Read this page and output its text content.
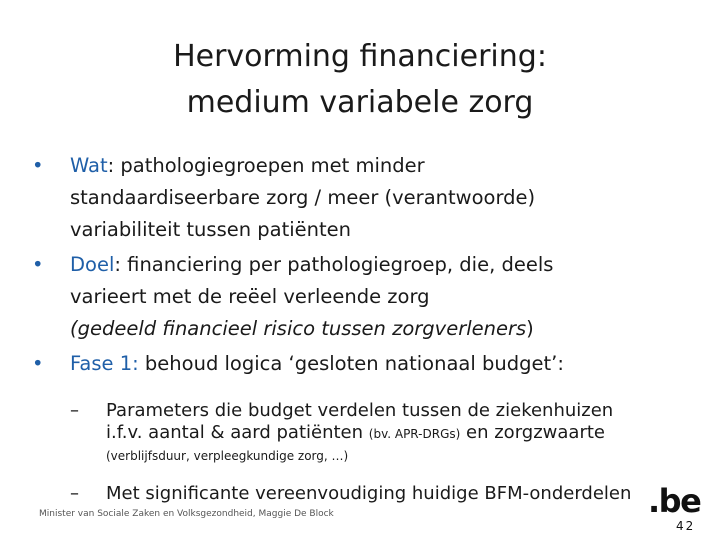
Hervorming financiering:
medium variabele zorg
• Wat: pathologiegroepen met minder
standaardiseerbare zorg / meer (verantwoorde)
variabiliteit tussen patiënten
• Doel: financiering per pathologiegroep, die, deels
varieert met de reëel verleende zorg
(gedeeld financieel risico tussen zorgverleners)
• Fase 1: behoud logica ‘gesloten nationaal budget’:
– Parameters die budget verdelen tussen de ziekenhuizen
i.f.v. aantal & aard patiënten (bv. APR-DRGs) en zorgzwaarte
(verblijfsduur, verpleegkundige zorg, …)
– Met significante vereenvoudiging huidige BFM-onderdelen
Minister van Sociale Zaken en Volksgezondheid, Maggie De Block	.be
42
